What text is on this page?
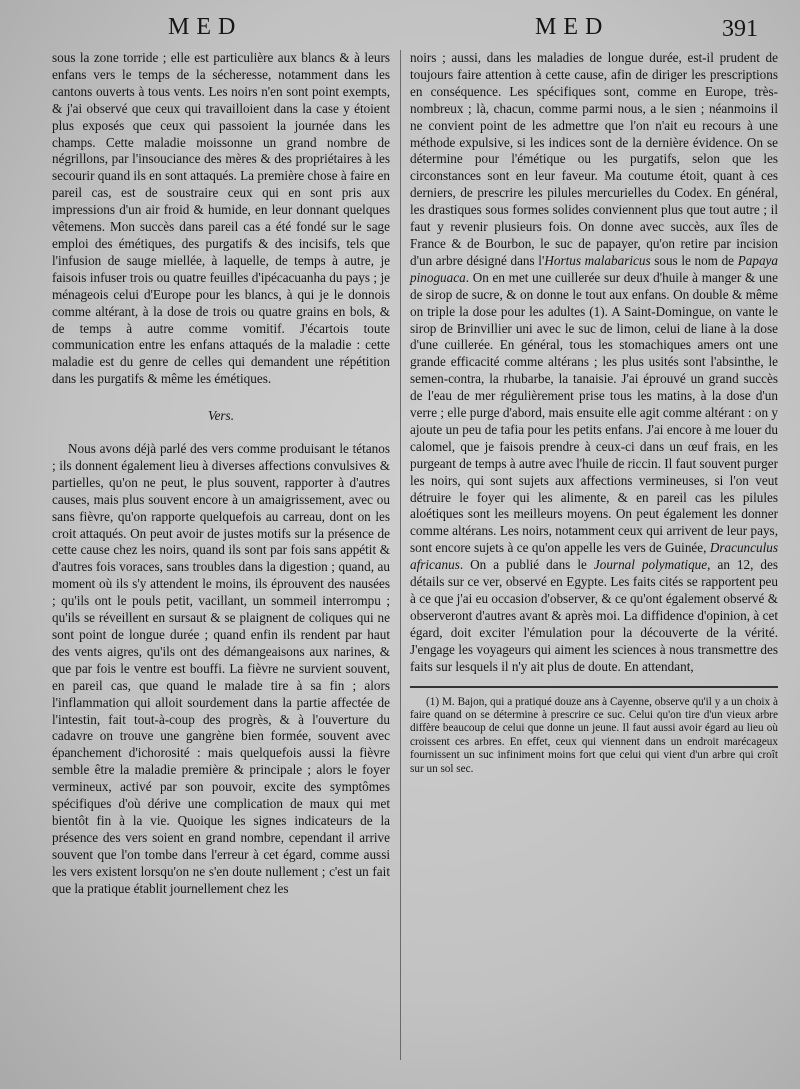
MED	MED	391

sous la zone torride ; elle est particulière aux blancs & à leurs enfans vers le temps de la sécheresse, notamment dans les cantons ouverts à tous vents. Les noirs n'en sont point exempts, & j'ai observé que ceux qui travailloient dans la case y étoient plus exposés que ceux qui passoient la journée dans les champs. Cette maladie moissonne un grand nombre de négrillons, par l'insouciance des mères & des propriétaires à les secourir quand ils en sont attaqués. La première chose à faire en pareil cas, est de soustraire ceux qui en sont pris aux impressions d'un air froid & humide, en leur donnant quelques vêtemens. Mon succès dans pareil cas a été fondé sur le sage emploi des émétiques, des purgatifs & des incisifs, tels que l'infusion de sauge miellée, à laquelle, de temps à autre, je faisois infuser trois ou quatre feuilles d'ipécacuanha du pays ; je ménageois celui d'Europe pour les blancs, à qui je le donnois comme altérant, à la dose de trois ou quatre grains en bols, & de temps à autre comme vomitif. J'écartois toute communication entre les enfans attaqués de la maladie : cette maladie est du genre de celles qui demandent une répétition dans les purgatifs & même les émétiques.

Vers.

Nous avons déjà parlé des vers comme produisant le tétanos ; ils donnent également lieu à diverses affections convulsives & partielles, qu'on ne peut, le plus souvent, rapporter à d'autres causes, mais plus souvent encore à un amaigrissement, avec ou sans fièvre, qu'on rapporte quelquefois au carreau, dont on les croit attaqués. On peut avoir de justes motifs sur la présence de cette cause chez les noirs, quand ils sont par fois sans appétit & d'autres fois voraces, sans troubles dans la digestion ; quand, au moment où ils s'y attendent le moins, ils éprouvent des nausées ; qu'ils ont le pouls petit, vacillant, un sommeil interrompu ; qu'ils se réveillent en sursaut & se plaignent de coliques qui ne sont point de longue durée ; quand enfin ils rendent par haut des vents aigres, qu'ils ont des démangeaisons aux narines, & que par fois le ventre est bouffi. La fièvre ne survient souvent, en pareil cas, que quand le malade tire à sa fin ; alors l'inflammation qui alloit sourdement dans la partie affectée de l'intestin, fait tout-à-coup des progrès, & à l'ouverture du cadavre on trouve une gangrène bien formée, souvent avec épanchement d'ichorosité : mais quelquefois aussi la fièvre semble être la maladie première & principale ; alors le foyer vermineux, activé par son pouvoir, excite des symptômes spécifiques d'où dérive une complication de maux qui met bientôt fin à la vie. Quoique les signes indicateurs de la présence des vers soient en grand nombre, cependant il arrive souvent que l'on tombe dans l'erreur à cet égard, comme aussi les vers existent lorsqu'on ne s'en doute nullement ; c'est un fait que la pratique établit journellement chez les

noirs ; aussi, dans les maladies de longue durée, est-il prudent de toujours faire attention à cette cause, afin de diriger les prescriptions en conséquence. Les spécifiques sont, comme en Europe, très-nombreux ; là, chacun, comme parmi nous, a le sien ; néanmoins il ne convient point de les admettre que l'on n'ait eu recours à une méthode expulsive, si les indices sont de la dernière évidence. On se détermine pour l'émétique ou les purgatifs, selon que les circonstances sont en leur faveur. Ma coutume étoit, quant à ces derniers, de prescrire les pilules mercurielles du Codex. En général, les drastiques sous formes solides conviennent plus que tout autre ; il faut y revenir plusieurs fois. On donne avec succès, aux îles de France & de Bourbon, le suc de papayer, qu'on retire par incision d'un arbre désigné dans l'Hortus malabaricus sous le nom de Papaya pinoguaca. On en met une cuillerée sur deux d'huile à manger & une de sirop de sucre, & on donne le tout aux enfans. On double & même on triple la dose pour les adultes (1). A Saint-Domingue, on vante le sirop de Brinvillier uni avec le suc de limon, celui de liane à la dose d'une cuillerée. En général, tous les stomachiques amers ont une grande efficacité comme altérans ; les plus usités sont l'absinthe, le semen-contra, la rhubarbe, la tanaisie. J'ai éprouvé un grand succès de l'eau de mer régulièrement prise tous les matins, à la dose d'un verre ; elle purge d'abord, mais ensuite elle agit comme altérant : on y ajoute un peu de tafia pour les petits enfans. J'ai encore à me louer du calomel, que je faisois prendre à ceux-ci dans un œuf frais, en les purgeant de temps à autre avec l'huile de riccin. Il faut souvent purger les noirs, qui sont sujets aux affections vermineuses, si l'on veut détruire le foyer qui les alimente, & en pareil cas les pilules aloétiques sont les meilleurs moyens. On peut également les donner comme altérans. Les noirs, notamment ceux qui arrivent de leur pays, sont encore sujets à ce qu'on appelle les vers de Guinée, Dracunculus africanus. On a publié dans le Journal polymatique, an 12, des détails sur ce ver, observé en Egypte. Les faits cités se rapportent peu à ce que j'ai eu occasion d'observer, & ce qu'ont également observé & observeront d'autres avant & après moi. La diffidence d'opinion, à cet égard, doit exciter l'émulation pour la découverte de la vérité. J'engage les voyageurs qui aiment les sciences à nous transmettre des faits sur lesquels il n'y ait plus de doute. En attendant,

(1) M. Bajon, qui a pratiqué douze ans à Cayenne, observe qu'il y a un choix à faire quand on se détermine à prescrire ce suc. Celui qu'on tire d'un vieux arbre diffère beaucoup de celui que donne un jeune. Il faut aussi avoir égard au lieu où croissent ces arbres. En effet, ceux qui viennent dans un endroit marécageux fournissent un suc infiniment moins fort que celui qui vient d'un arbre qui croît sur un sol sec.
